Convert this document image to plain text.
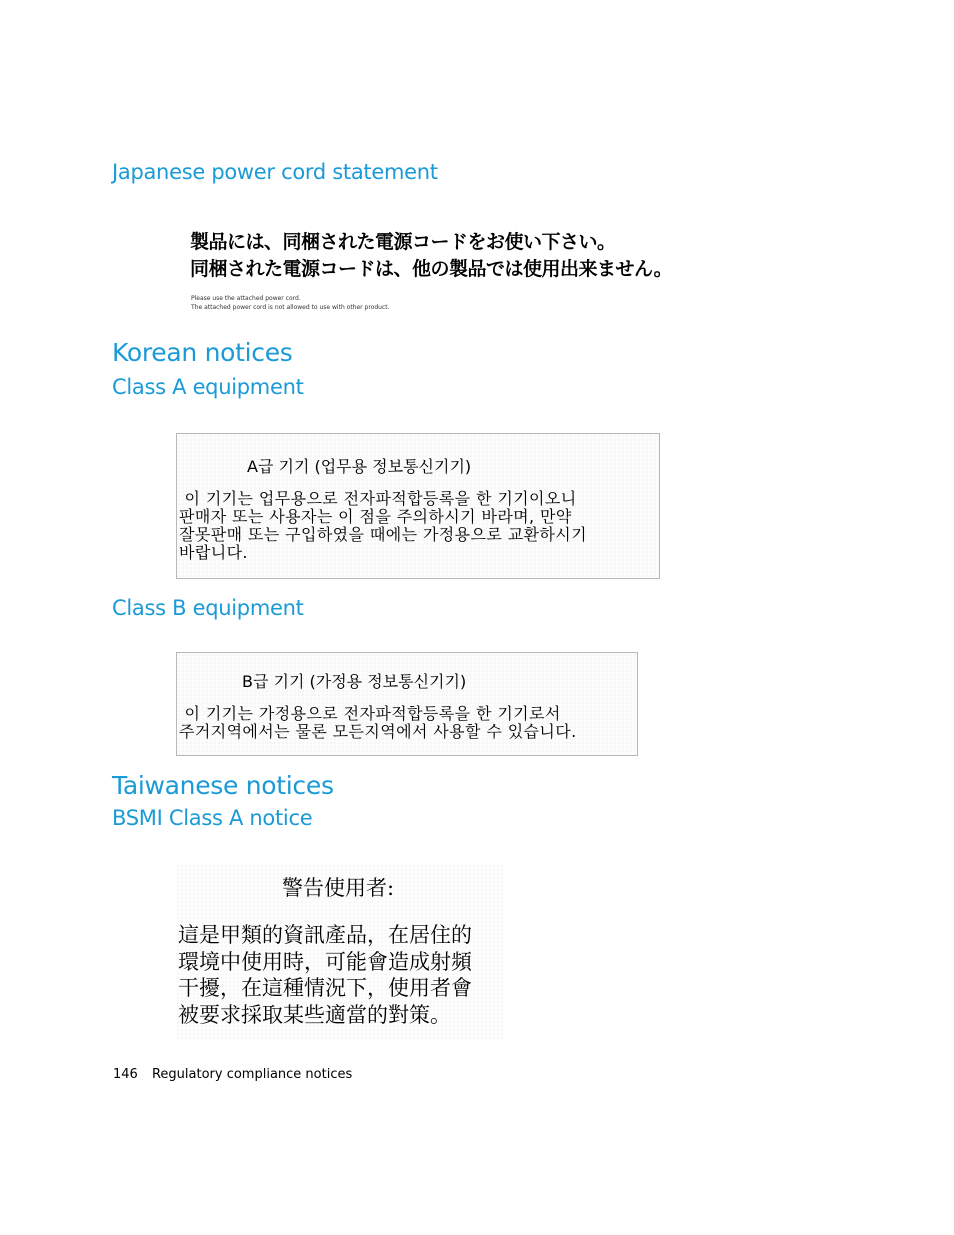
Japanese power cord statement
製品には、同梱された電源コードをお使い下さい。
同梱された電源コードは、他の製品では使用出来ません。
Please use the attached power cord.
The attached power cord is not allowed to use with other product.
Korean notices
Class A equipment
A급 기기 (업무용 정보통신기기)
이 기기는 업무용으로 전자파적합등록을 한 기기이오니
판매자 또는 사용자는 이 점을 주의하시기 바라며, 만약
잘못판매 또는 구입하였을 때에는 가정용으로 교환하시기
바랍니다.
Class B equipment
B급 기기 (가정용 정보통신기기)
이 기기는 가정용으로 전자파적합등록을 한 기기로서
주거지역에서는 물론 모든지역에서 사용할 수 있습니다.
Taiwanese notices
BSMI Class A notice
警告使用者:
這是甲類的資訊產品，在居住的
環境中使用時，可能會造成射頻
干擾，在這種情況下，使用者會
被要求採取某些適當的對策。
146 Regulatory compliance notices
